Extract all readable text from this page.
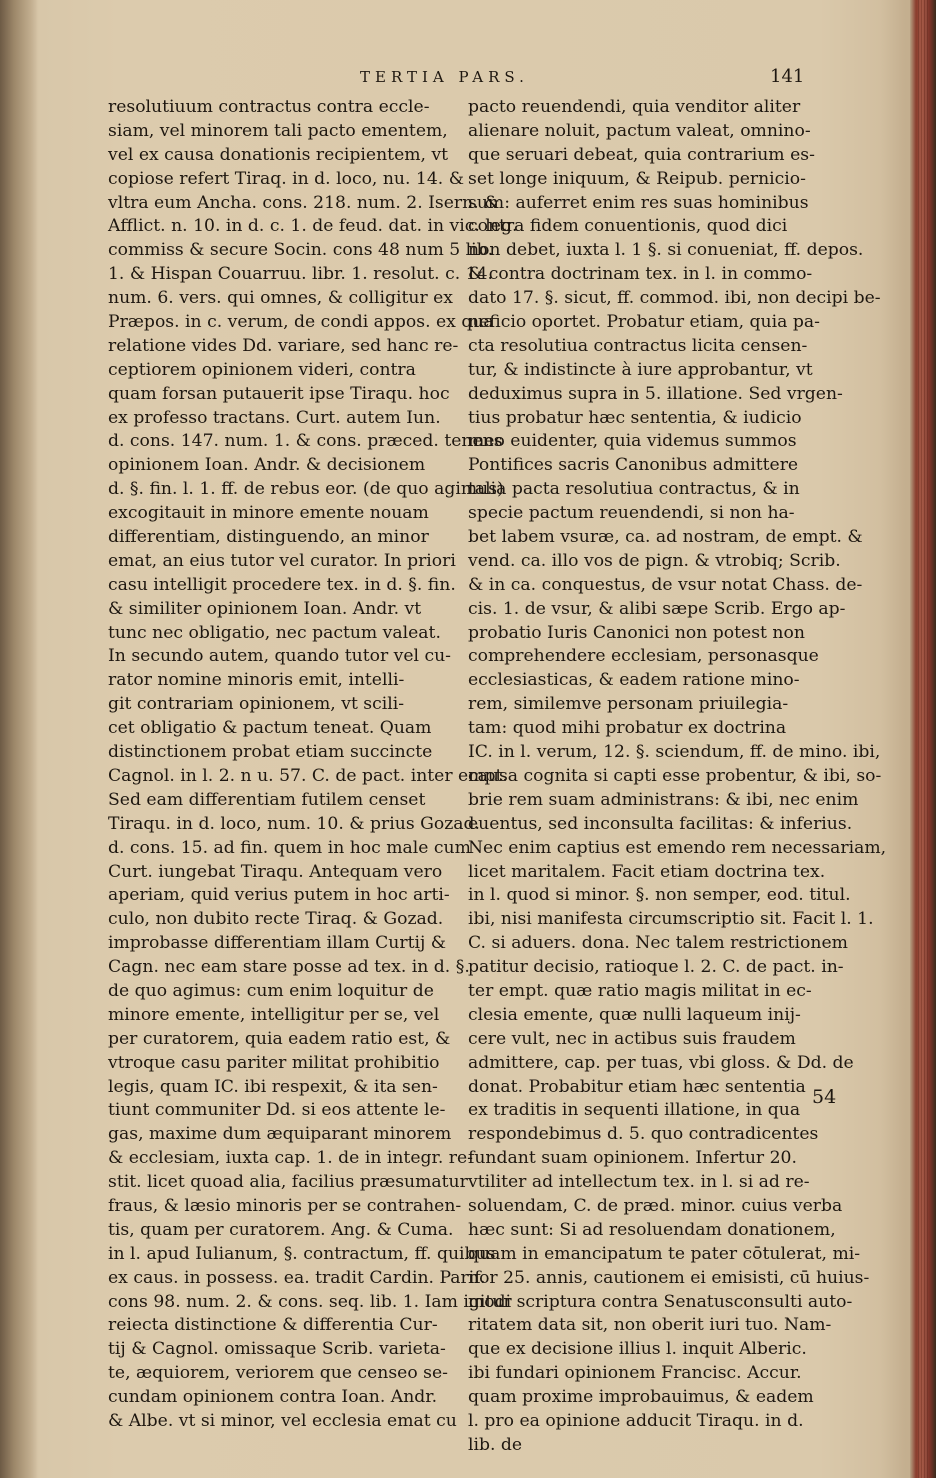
TERTIA PARS.	141
resolutiuum contractus contra eccle-
siam, vel minorem tali pacto ementem,
vel ex causa donationis recipientem, vt
copiose refert Tiraq. in d. loco, nu. 14. &
vltra eum Ancha. cons. 218. num. 2. Isern. &
Afflict. n. 10. in d. c. 1. de feud. dat. in vic. leg.
commiss & secure Socin. cons 48 num 5 lib.
1. & Hispan Couarruu. libr. 1. resolut. c. 14.
num. 6. vers. qui omnes, & colligitur ex
Præpos. in c. verum, de condi appos. ex qua
relatione vides Dd. variare, sed hanc re-
ceptiorem opinionem videri, contra
quam forsan putauerit ipse Tiraqu. hoc
ex professo tractans. Curt. autem Iun.
d. cons. 147. num. 1. & cons. præced. tenens
opinionem Ioan. Andr. & decisionem
d. §. fin. l. 1. ff. de rebus eor. (de quo agimus)
excogitauit in minore emente nouam
differentiam, distinguendo, an minor
emat, an eius tutor vel curator. In priori
casu intelligit procedere tex. in d. §. fin.
& similiter opinionem Ioan. Andr. vt
tunc nec obligatio, nec pactum valeat.
In secundo autem, quando tutor vel cu-
rator nomine minoris emit, intelli-
git contrariam opinionem, vt scili-
cet obligatio & pactum teneat. Quam
distinctionem probat etiam succincte
Cagnol. in l. 2. n u. 57. C. de pact. inter empt.
Sed eam differentiam futilem censet
Tiraqu. in d. loco, num. 10. & prius Gozad.
d. cons. 15. ad fin. quem in hoc male cum
Curt. iungebat Tiraqu. Antequam vero
aperiam, quid verius putem in hoc arti-
culo, non dubito recte Tiraq. & Gozad.
improbasse differentiam illam Curtij &
Cagn. nec eam stare posse ad tex. in d. §.
de quo agimus: cum enim loquitur de
minore emente, intelligitur per se, vel
per curatorem, quia eadem ratio est, &
vtroque casu pariter militat prohibitio
legis, quam IC. ibi respexit, & ita sen-
tiunt communiter Dd. si eos attente le-
gas, maxime dum æquiparant minorem
& ecclesiam, iuxta cap. 1. de in integr. re-
stit. licet quoad alia, facilius præsumatur
fraus, & læsio minoris per se contrahen-
tis, quam per curatorem. Ang. & Cuma.
in l. apud Iulianum, §. contractum, ff. quibus
ex caus. in possess. ea. tradit Cardin. Parif.
cons 98. num. 2. & cons. seq. lib. 1. Iam igitur
reiecta distinctione & differentia Cur-
tij & Cagnol. omissaque Scrib. varieta-
te, æquiorem, veriorem que censeo se-
cundam opinionem contra Ioan. Andr.
& Albe. vt si minor, vel ecclesia emat cu
pacto reuendendi, quia venditor aliter
alienare noluit, pactum valeat, omnino-
que seruari debeat, quia contrarium es-
set longe iniquum, & Reipub. pernicio-
sum: auferret enim res suas hominibus
contra fidem conuentionis, quod dici
non debet, iuxta l. 1 §. si conueniat, ff. depos.
& contra doctrinam tex. in l. in commo-
dato 17. §. sicut, ff. commod. ibi, non decipi be-
neficio oportet. Probatur etiam, quia pa-
cta resolutiua contractus licita censen-
tur, & indistincte à iure approbantur, vt
deduximus supra in 5. illatione. Sed vrgen-
tius probatur hæc sententia, & iudicio
meo euidenter, quia videmus summos
Pontifices sacris Canonibus admittere
talia pacta resolutiua contractus, & in
specie pactum reuendendi, si non ha-
bet labem vsuræ, ca. ad nostram, de empt. &
vend. ca. illo vos de pign. & vtrobiq; Scrib.
& in ca. conquestus, de vsur notat Chass. de-
cis. 1. de vsur, & alibi sæpe Scrib. Ergo ap-
probatio Iuris Canonici non potest non
comprehendere ecclesiam, personasque
ecclesiasticas, & eadem ratione mino-
rem, similemve personam priuilegia-
tam: quod mihi probatur ex doctrina
IC. in l. verum, 12. §. sciendum, ff. de mino. ibi,
causa cognita si capti esse probentur, & ibi, so-
brie rem suam administrans: & ibi, nec enim
euentus, sed inconsulta facilitas: & inferius.
Nec enim captius est emendo rem necessariam,
licet maritalem. Facit etiam doctrina tex.
in l. quod si minor. §. non semper, eod. titul.
ibi, nisi manifesta circumscriptio sit. Facit l. 1.
C. si aduers. dona. Nec talem restrictionem
patitur decisio, ratioque l. 2. C. de pact. in-
ter empt. quæ ratio magis militat in ec-
clesia emente, quæ nulli laqueum inij-
cere vult, nec in actibus suis fraudem
admittere, cap. per tuas, vbi gloss. & Dd. de
donat. Probabitur etiam hæc sententia
ex traditis in sequenti illatione, in qua
respondebimus d. 5. quo contradicentes
fundant suam opinionem. Infertur 20.
vtiliter ad intellectum tex. in l. si ad re-
soluendam, C. de præd. minor. cuius verba
hæc sunt: Si ad resoluendam donationem,
quam in emancipatum te pater cōtulerat, mi-
nor 25. annis, cautionem ei emisisti, cū huius-
modi scriptura contra Senatusconsulti auto-
ritatem data sit, non oberit iuri tuo. Nam-
que ex decisione illius l. inquit Alberic.
ibi fundari opinionem Francisc. Accur.
quam proxime improbauimus, & eadem
l. pro ea opinione adducit Tiraqu. in d.
lib. de
54
